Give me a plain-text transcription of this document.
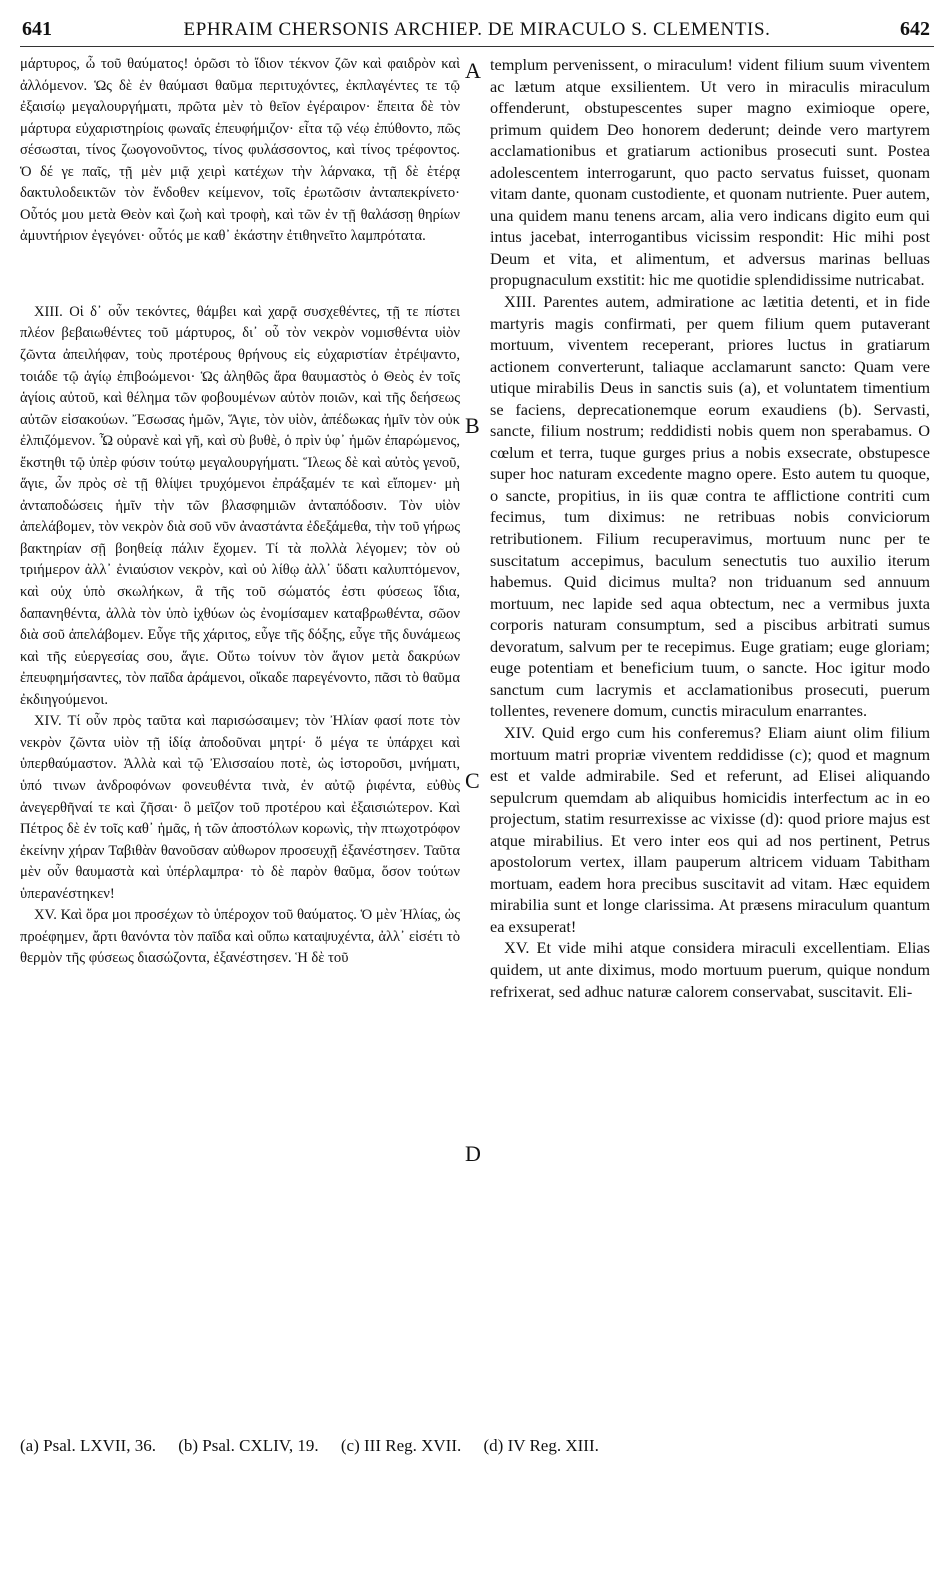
641	EPHRAIM CHERSONIS ARCHIEP. DE MIRACULO S. CLEMENTIS.	642

μάρτυρος, ὦ τοῦ θαύματος! ὁρῶσι τὸ ἴδιον τέκνον ζῶν καὶ φαιδρὸν καὶ ἀλλόμενον. Ὡς δὲ ἐν θαύμασι θαῦμα περιτυχόντες, ἐκπλαγέντες τε τῷ ἐξαισίῳ μεγαλουργήματι, πρῶτα μὲν τὸ θεῖον ἐγέραιρον· ἔπειτα δὲ τὸν μάρτυρα εὐχαριστηρίοις φωναῖς ἐπευφήμιζον· εἶτα τῷ νέῳ ἐπύθοντο, πῶς σέσωσται, τίνος ζωογονοῦντος, τίνος φυλάσσοντος, καὶ τίνος τρέφοντος. Ὁ δέ γε παῖς, τῇ μὲν μιᾷ χειρὶ κατέχων τὴν λάρνακα, τῇ δὲ ἑτέρᾳ δακτυλοδεικτῶν τὸν ἔνδοθεν κείμενον, τοῖς ἐρωτῶσιν ἀνταπεκρίνετο· Οὗτός μου μετὰ Θεὸν καὶ ζωὴ καὶ τροφὴ, καὶ τῶν ἐν τῇ θαλάσσῃ θηρίων ἀμυντήριον ἐγεγόνει· οὗτός με καθ᾽ ἑκάστην ἐτιθηνεῖτο λαμπρότατα.

XIII. Οἱ δ᾽ οὖν τεκόντες, θάμβει καὶ χαρᾷ συσχεθέντες, τῇ τε πίστει πλέον βεβαιωθέντες τοῦ μάρτυρος, δι᾽ οὗ τὸν νεκρὸν νομισθέντα υἱὸν ζῶντα ἀπειλήφαν, τοὺς προτέρους θρήνους εἰς εὐχαριστίαν ἐτρέψαντο, τοιάδε τῷ ἁγίῳ ἐπιβοώμενοι· Ὡς ἀληθῶς ἄρα θαυμαστὸς ὁ Θεὸς ἐν τοῖς ἁγίοις αὐτοῦ, καὶ θέλημα τῶν φοβουμένων αὐτὸν ποιῶν, καὶ τῆς δεήσεως αὐτῶν εἰσακούων. Ἔσωσας ἡμῶν, Ἅγιε, τὸν υἱὸν, ἀπέδωκας ἡμῖν τὸν οὐκ ἐλπιζόμενον. Ὦ οὐρανὲ καὶ γῆ, καὶ σὺ βυθὲ, ὁ πρὶν ὑφ᾽ ἡμῶν ἐπαρώμενος, ἔκστηθι τῷ ὑπὲρ φύσιν τούτῳ μεγαλουργήματι. Ἵλεως δὲ καὶ αὐτὸς γενοῦ, ἅγιε, ὧν πρὸς σὲ τῇ θλίψει τρυχόμενοι ἐπράξαμέν τε καὶ εἴπομεν· μὴ ἀνταποδώσεις ἡμῖν τὴν τῶν βλασφημιῶν ἀνταπόδοσιν. Τὸν υἱὸν ἀπελάβομεν, τὸν νεκρὸν διὰ σοῦ νῦν ἀναστάντα ἐδεξάμεθα, τὴν τοῦ γήρως βακτηρίαν σῇ βοηθείᾳ πάλιν ἔχομεν. Τί τὰ πολλὰ λέγομεν; τὸν οὐ τριήμερον ἀλλ᾽ ἐνιαύσιον νεκρὸν, καὶ οὐ λίθῳ ἀλλ᾽ ὕδατι καλυπτόμενον, καὶ οὐχ ὑπὸ σκωλήκων, ἃ τῆς τοῦ σώματός ἐστι φύσεως ἴδια, δαπανηθέντα, ἀλλὰ τὸν ὑπὸ ἰχθύων ὡς ἐνομίσαμεν καταβρωθέντα, σῶον διὰ σοῦ ἀπελάβομεν. Εὖγε τῆς χάριτος, εὖγε τῆς δόξης, εὖγε τῆς δυνάμεως καὶ τῆς εὐεργεσίας σου, ἅγιε. Οὕτω τοίνυν τὸν ἅγιον μετὰ δακρύων ἐπευφημήσαντες, τὸν παῖδα ἀράμενοι, οἴκαδε παρεγένοντο, πᾶσι τὸ θαῦμα ἐκδιηγούμενοι.

XIV. Τί οὖν πρὸς ταῦτα καὶ παρισώσαιμεν; τὸν Ἠλίαν φασί ποτε τὸν νεκρὸν ζῶντα υἱὸν τῇ ἰδίᾳ ἀποδοῦναι μητρί· ὅ μέγα τε ὑπάρχει καὶ ὑπερθαύμαστον. Ἀλλὰ καὶ τῷ Ἐλισσαίου ποτὲ, ὡς ἱστοροῦσι, μνήματι, ὑπό τινων ἀνδροφόνων φονευθέντα τινὰ, ἐν αὐτῷ ῥιφέντα, εὐθὺς ἀνεγερθῆναί τε καὶ ζῆσαι· ὃ μεῖζον τοῦ προτέρου καὶ ἐξαισιώτερον. Καὶ Πέτρος δὲ ἐν τοῖς καθ᾽ ἡμᾶς, ἡ τῶν ἀποστόλων κορωνὶς, τὴν πτωχοτρόφον ἐκείνην χήραν Ταβιθὰν θανοῦσαν αὐθωρον προσευχῇ ἐξανέστησεν. Ταῦτα μὲν οὖν θαυμαστὰ καὶ ὑπέρλαμπρα· τὸ δὲ παρὸν θαῦμα, ὅσον τούτων ὑπερανέστηκεν!

XV. Καὶ ὅρα μοι προσέχων τὸ ὑπέροχον τοῦ θαύματος. Ὁ μὲν Ἠλίας, ὡς προέφημεν, ἄρτι θανόντα τὸν παῖδα καὶ οὔπω καταψυχέντα, ἀλλ᾽ εἰσέτι τὸ θερμὸν τῆς φύσεως διασώζοντα, ἐξανέστησεν. Ἡ δὲ τοῦ

A
B
C
D

templum pervenissent, o miraculum! vident filium suum viventem ac lætum atque exsilientem. Ut vero in miraculis miraculum offenderunt, obstupescentes super magno eximioque opere, primum quidem Deo honorem dederunt; deinde vero martyrem acclamationibus et gratiarum actionibus prosecuti sunt. Postea adolescentem interrogarunt, quo pacto servatus fuisset, quonam vitam dante, quonam custodiente, et quonam nutriente. Puer autem, una quidem manu tenens arcam, alia vero indicans digito eum qui intus jacebat, interrogantibus vicissim respondit: Hic mihi post Deum et vita, et alimentum, et adversus marinas belluas propugnaculum exstitit: hic me quotidie splendidissime nutricabat.

XIII. Parentes autem, admiratione ac lætitia detenti, et in fide martyris magis confirmati, per quem filium quem putaverant mortuum, viventem receperant, priores luctus in gratiarum actionem converterunt, taliaque acclamarunt sancto: Quam vere utique mirabilis Deus in sanctis suis (a), et voluntatem timentium se faciens, deprecationemque eorum exaudiens (b). Servasti, sancte, filium nostrum; reddidisti nobis quem non sperabamus. O cœlum et terra, tuque gurges prius a nobis exsecrate, obstupesce super hoc naturam excedente magno opere. Esto autem tu quoque, o sancte, propitius, in iis quæ contra te afflictione contriti cum fecimus, tum diximus: ne retribuas nobis conviciorum retributionem. Filium recuperavimus, mortuum nunc per te suscitatum accepimus, baculum senectutis tuo auxilio iterum habemus. Quid dicimus multa? non triduanum sed annuum mortuum, nec lapide sed aqua obtectum, nec a vermibus juxta corporis naturam consumptum, sed a piscibus arbitrati sumus devoratum, salvum per te recepimus. Euge gratiam; euge gloriam; euge potentiam et beneficium tuum, o sancte. Hoc igitur modo sanctum cum lacrymis et acclamationibus prosecuti, puerum tollentes, revenere domum, cunctis miraculum enarrantes.

XIV. Quid ergo cum his conferemus? Eliam aiunt olim filium mortuum matri propriæ viventem reddidisse (c); quod et magnum est et valde admirabile. Sed et referunt, ad Elisei aliquando sepulcrum quemdam ab aliquibus homicidis interfectum ac in eo projectum, statim resurrexisse ac vixisse (d): quod priore majus est atque mirabilius. Et vero inter eos qui ad nos pertinent, Petrus apostolorum vertex, illam pauperum altricem viduam Tabitham mortuam, eadem hora precibus suscitavit ad vitam. Hæc equidem mirabilia sunt et longe clarissima. At præsens miraculum quantum ea exsuperat!

XV. Et vide mihi atque considera miraculi excellentiam. Elias quidem, ut ante diximus, modo mortuum puerum, quique nondum refrixerat, sed adhuc naturæ calorem conservabat, suscitavit. Eli-

(a) Psal. LXVII, 36. (b) Psal. CXLIV, 19. (c) III Reg. XVII. (d) IV Reg. XIII.
